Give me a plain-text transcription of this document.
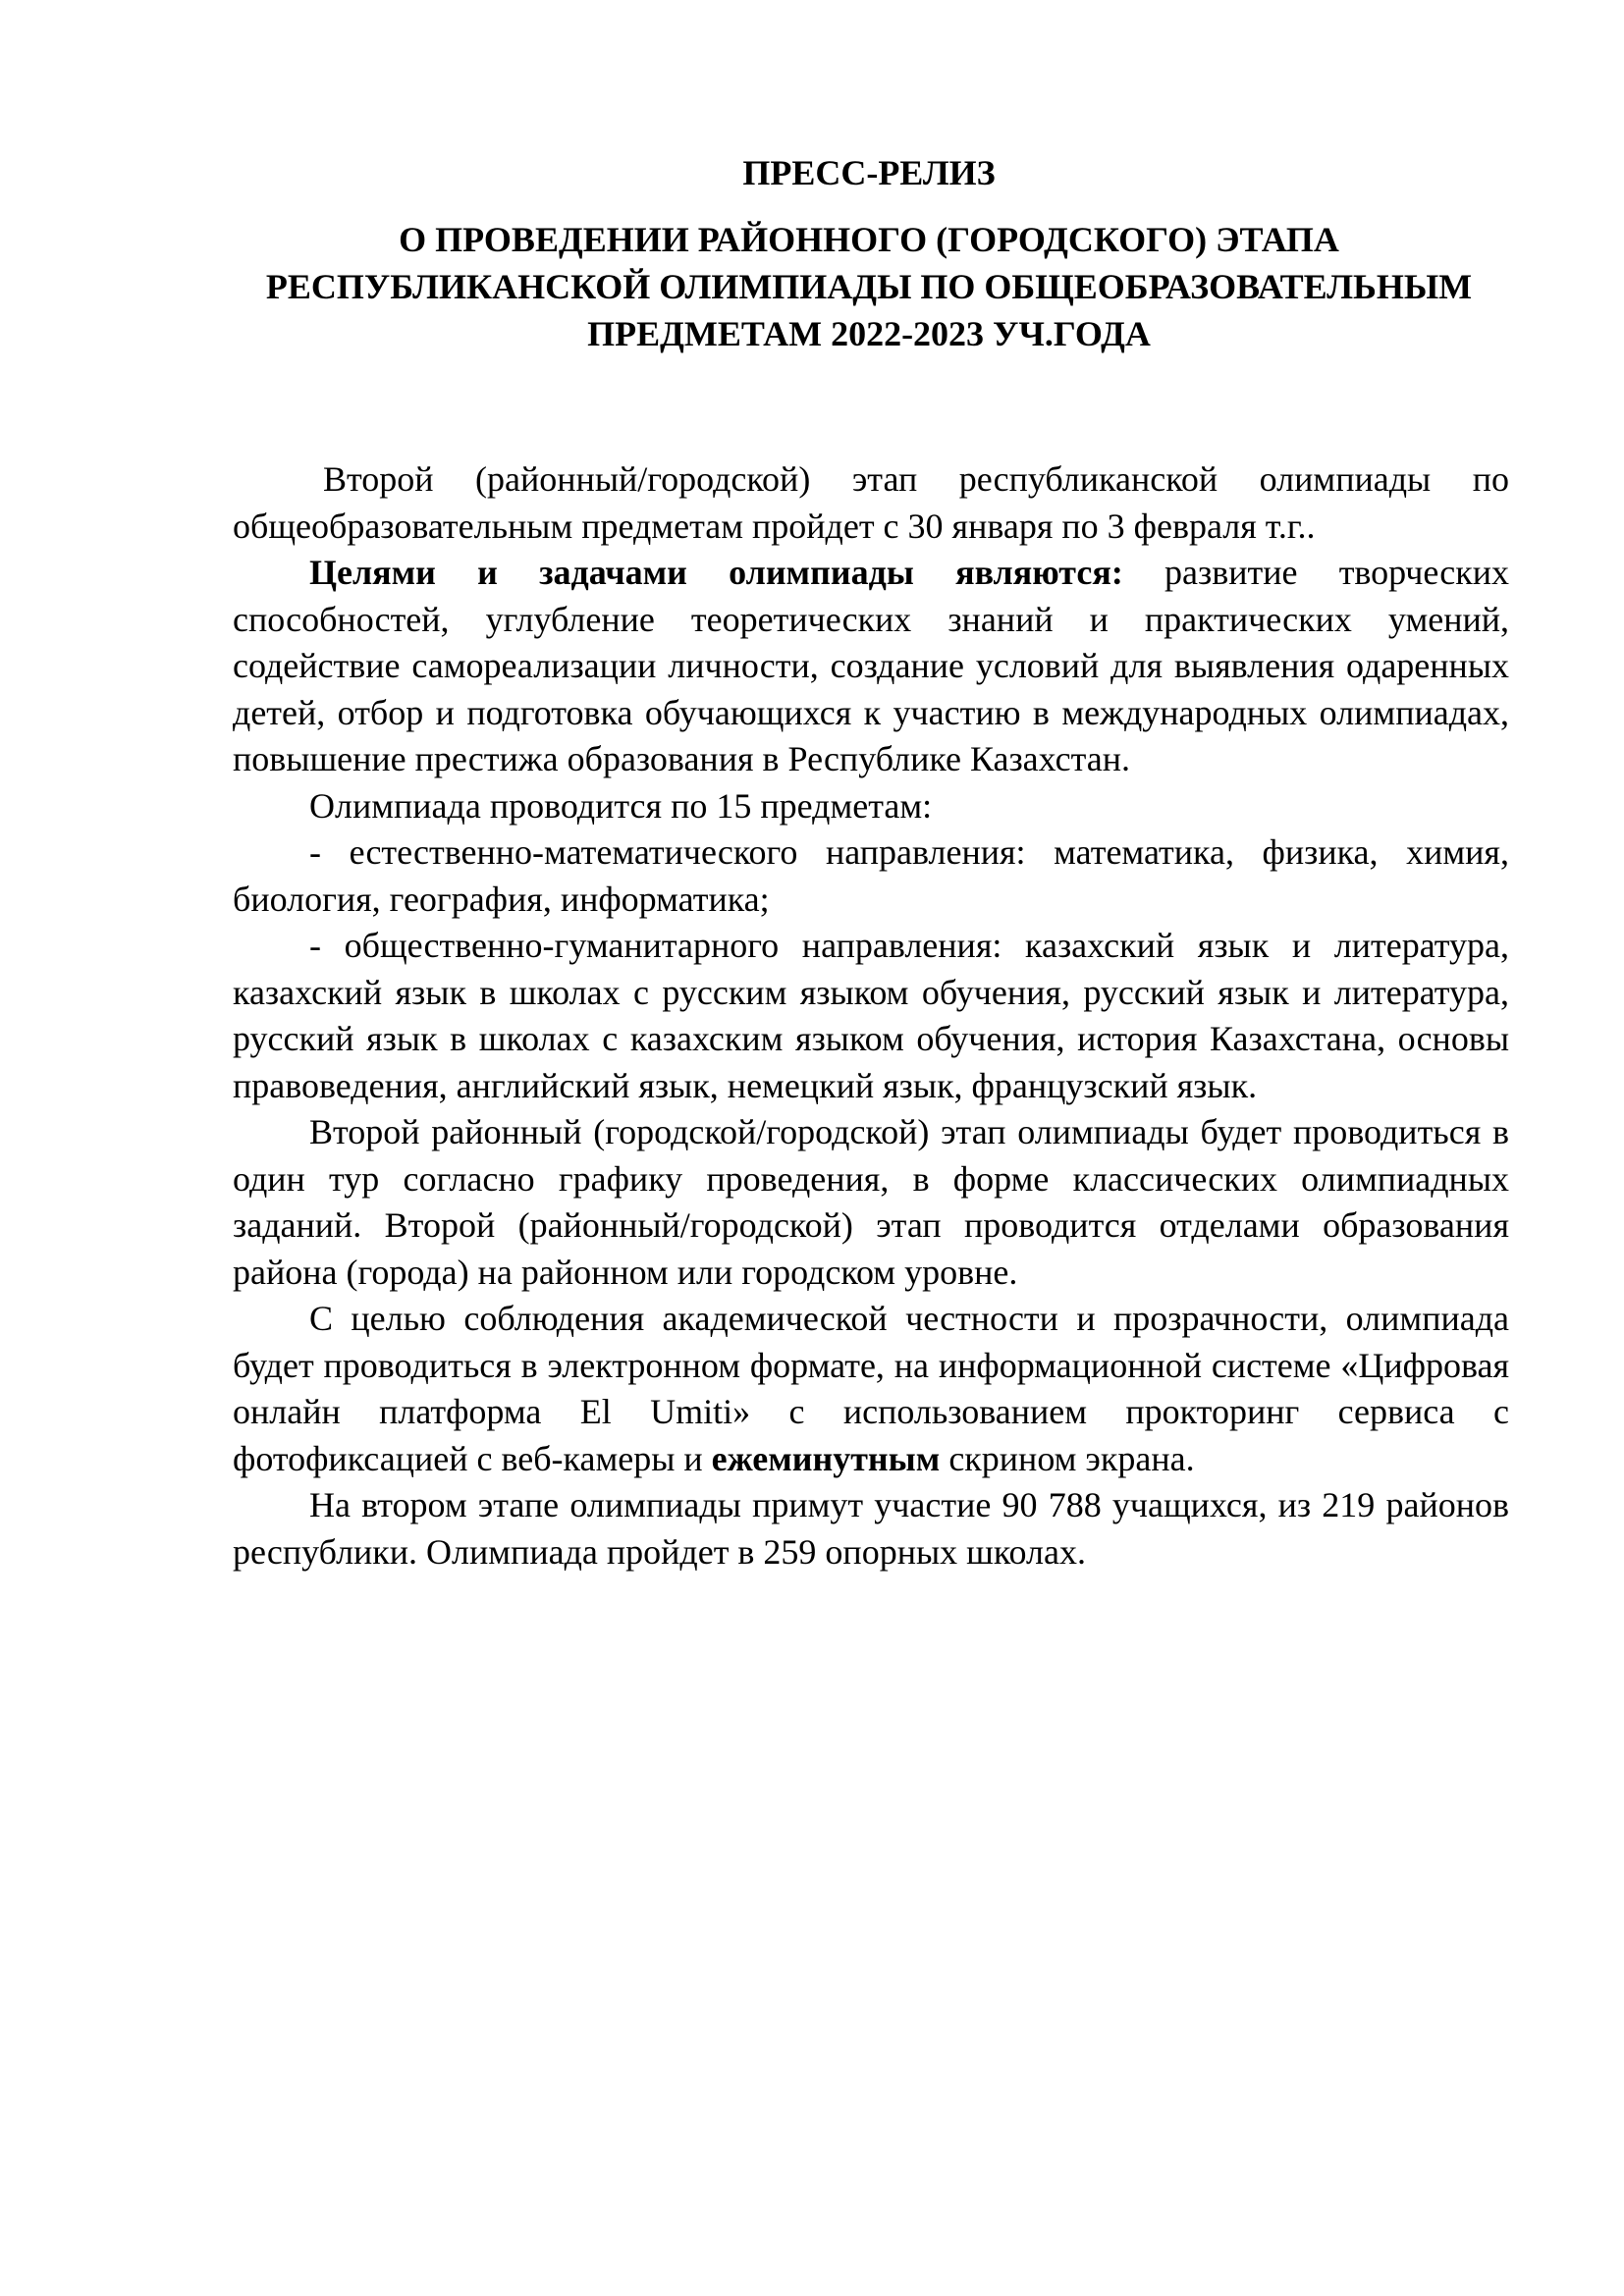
ПРЕСС-РЕЛИЗ
О ПРОВЕДЕНИИ РАЙОННОГО (ГОРОДСКОГО) ЭТАПА РЕСПУБЛИКАНСКОЙ ОЛИМПИАДЫ ПО ОБЩЕОБРАЗОВАТЕЛЬНЫМ ПРЕДМЕТАМ 2022-2023 УЧ.ГОДА

Второй (районный/городской) этап республиканской олимпиады по общеобразовательным предметам пройдет с 30 января по 3 февраля т.г..

Целями и задачами олимпиады являются: развитие творческих способностей, углубление теоретических знаний и практических умений, содействие самореализации личности, создание условий для выявления одаренных детей, отбор и подготовка обучающихся к участию в международных олимпиадах, повышение престижа образования в Республике Казахстан.

Олимпиада проводится по 15 предметам:

- естественно-математического направления: математика, физика, химия, биология, география, информатика;

- общественно-гуманитарного направления: казахский язык и литература, казахский язык в школах с русским языком обучения, русский язык и литература, русский язык в школах с казахским языком обучения, история Казахстана, основы правоведения, английский язык, немецкий язык, французский язык.

Второй районный (городской/городской) этап олимпиады будет проводиться в один тур согласно графику проведения, в форме классических олимпиадных заданий. Второй (районный/городской) этап проводится отделами образования района (города) на районном или городском уровне.

С целью соблюдения академической честности и прозрачности, олимпиада будет проводиться в электронном формате, на информационной системе «Цифровая онлайн платформа El Umiti» с использованием прокторинг сервиса с фотофиксацией с веб-камеры и ежеминутным скрином экрана.

На втором этапе олимпиады примут участие 90 788 учащихся, из 219 районов республики. Олимпиада пройдет в 259 опорных школах.
